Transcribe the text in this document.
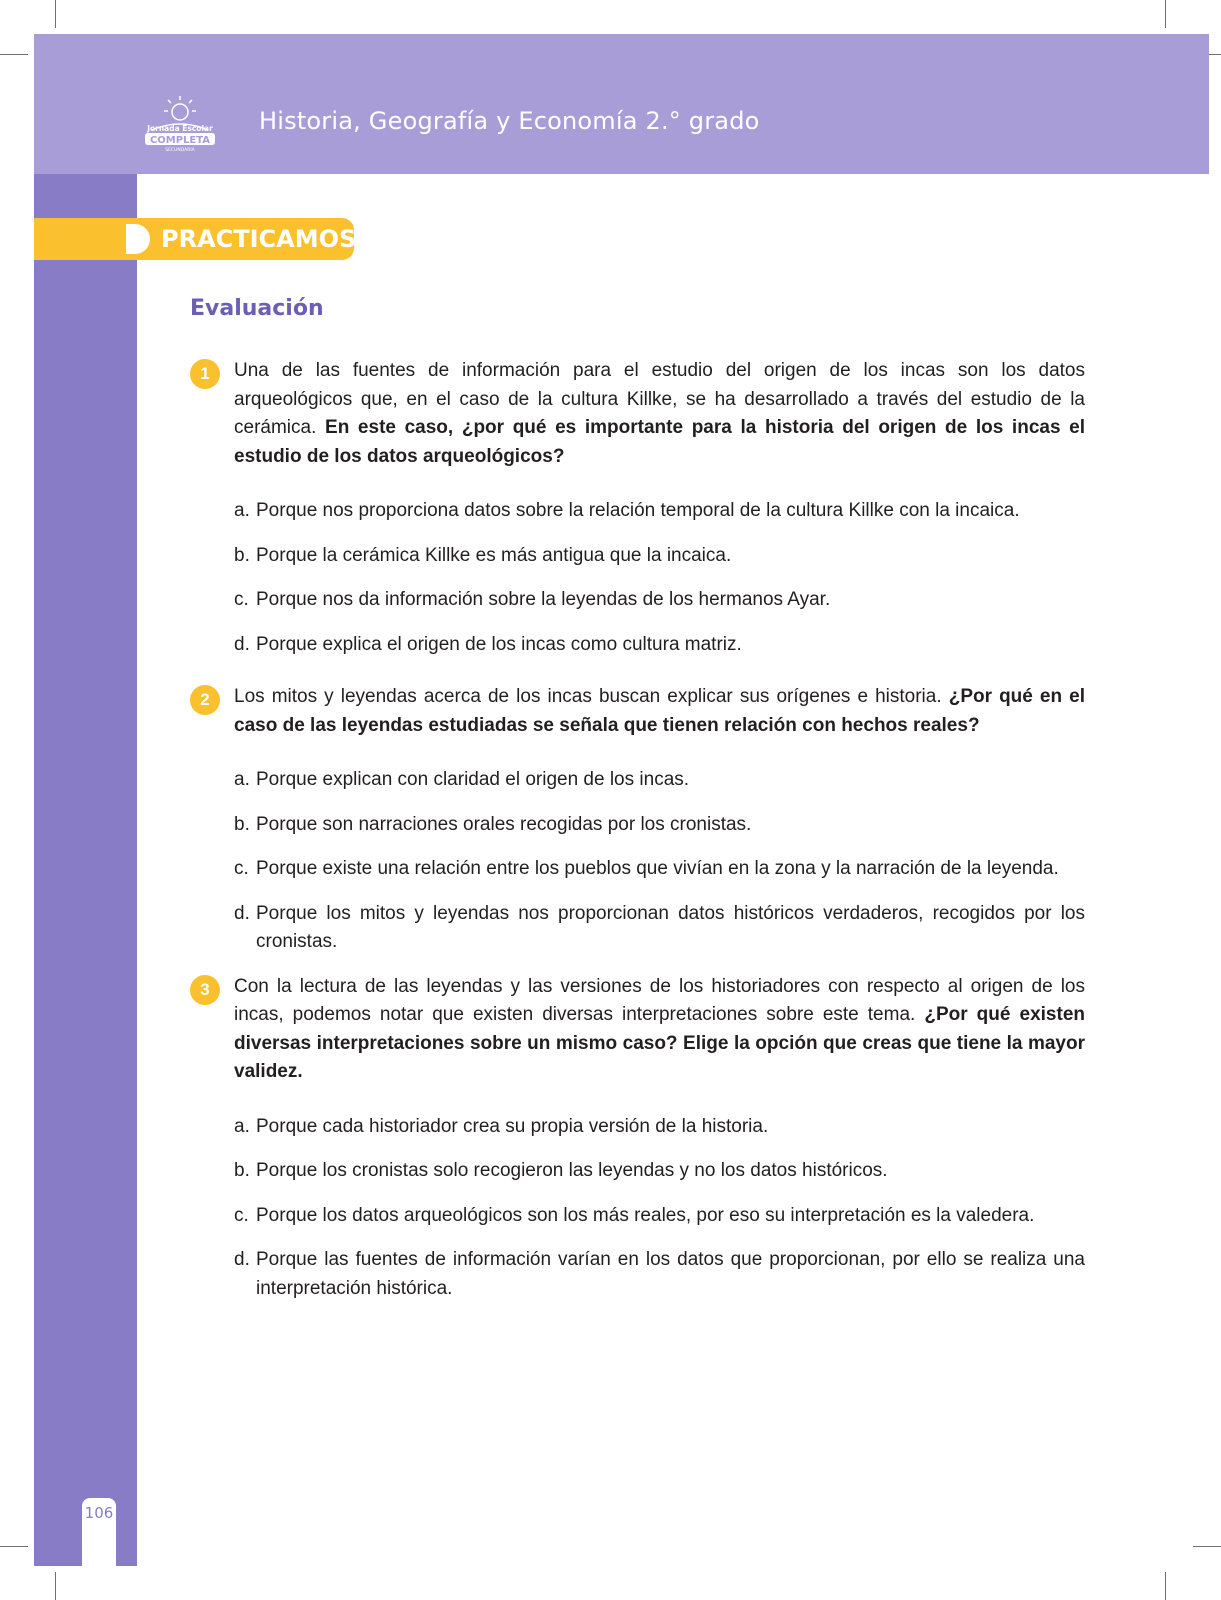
Jornada Escolar
COMPLETA
SECUNDARIA
Historia, Geografía y Economía 2.° grado
106
PRACTICAMOS
Evaluación
1	Una de las fuentes de información para el estudio del origen de los incas son los datos arqueológicos que, en el caso de la cultura Killke, se ha desarrollado a través del estudio de la cerámica. En este caso, ¿por qué es importante para la historia del origen de los incas el estudio de los datos arqueológicos?
a. Porque nos proporciona datos sobre la relación temporal de la cultura Killke con la incaica.
b. Porque la cerámica Killke es más antigua que la incaica.
c. Porque nos da información sobre la leyendas de los hermanos Ayar.
d. Porque explica el origen de los incas como cultura matriz.
2	Los mitos y leyendas acerca de los incas buscan explicar sus orígenes e historia. ¿Por qué en el caso de las leyendas estudiadas se señala que tienen relación con hechos reales?
a. Porque explican con claridad el origen de los incas.
b. Porque son narraciones orales recogidas por los cronistas.
c. Porque existe una relación entre los pueblos que vivían en la zona y la narración de la leyenda.
d. Porque los mitos y leyendas nos proporcionan datos históricos verdaderos, recogidos por los cronistas.
3	Con la lectura de las leyendas y las versiones de los historiadores con respecto al origen de los incas, podemos notar que existen diversas interpretaciones sobre este tema. ¿Por qué existen diversas interpretaciones sobre un mismo caso? Elige la opción que creas que tiene la mayor validez.
a. Porque cada historiador crea su propia versión de la historia.
b. Porque los cronistas solo recogieron las leyendas y no los datos históricos.
c. Porque los datos arqueológicos son los más reales, por eso su interpretación es la valedera.
d. Porque las fuentes de información varían en los datos que proporcionan, por ello se realiza una interpretación histórica.
